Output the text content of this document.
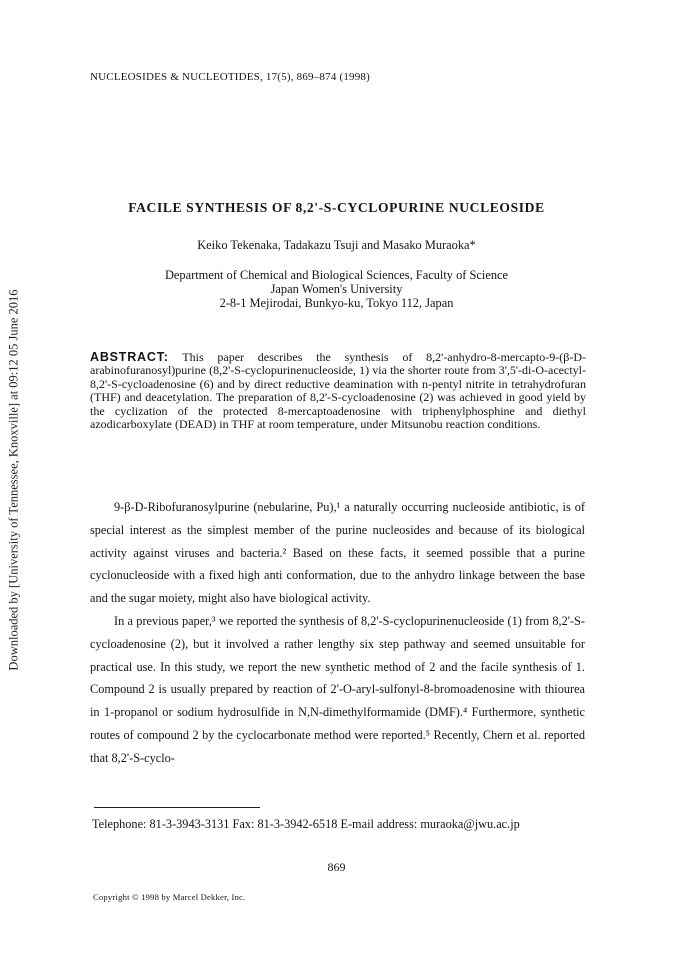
Downloaded by [University of Tennessee, Knoxville] at 09:12 05 June 2016
NUCLEOSIDES & NUCLEOTIDES, 17(5), 869–874 (1998)
FACILE SYNTHESIS OF 8,2'-S-CYCLOPURINE NUCLEOSIDE
Keiko Tekenaka, Tadakazu Tsuji and Masako Muraoka*
Department of Chemical and Biological Sciences, Faculty of Science
Japan Women's University
2-8-1 Mejirodai, Bunkyo-ku, Tokyo 112, Japan
ABSTRACT: This paper describes the synthesis of 8,2'-anhydro-8-mercapto-9-(β-D-arabinofuranosyl)purine (8,2'-S-cyclopurinenucleoside, 1) via the shorter route from 3',5'-di-O-acectyl-8,2'-S-cycloadenosine (6) and by direct reductive deamination with n-pentyl nitrite in tetrahydrofuran (THF) and deacetylation. The preparation of 8,2'-S-cycloadenosine (2) was achieved in good yield by the cyclization of the protected 8-mercaptoadenosine with triphenylphosphine and diethyl azodicarboxylate (DEAD) in THF at room temperature, under Mitsunobu reaction conditions.

9-β-D-Ribofuranosylpurine (nebularine, Pu),¹ a naturally occurring nucleoside antibiotic, is of special interest as the simplest member of the purine nucleosides and because of its biological activity against viruses and bacteria.² Based on these facts, it seemed possible that a purine cyclonucleoside with a fixed high anti conformation, due to the anhydro linkage between the base and the sugar moiety, might also have biological activity.

In a previous paper,³ we reported the synthesis of 8,2'-S-cyclopurinenucleoside (1) from 8,2'-S-cycloadenosine (2), but it involved a rather lengthy six step pathway and seemed unsuitable for practical use. In this study, we report the new synthetic method of 2 and the facile synthesis of 1. Compound 2 is usually prepared by reaction of 2'-O-aryl-sulfonyl-8-bromoadenosine with thiourea in 1-propanol or sodium hydrosulfide in N,N-dimethylformamide (DMF).⁴ Furthermore, synthetic routes of compound 2 by the cyclocarbonate method were reported.⁵ Recently, Chern et al. reported that 8,2'-S-cyclo-

Telephone: 81-3-3943-3131 Fax: 81-3-3942-6518 E-mail address: muraoka@jwu.ac.jp
869
Copyright © 1998 by Marcel Dekker, Inc.
